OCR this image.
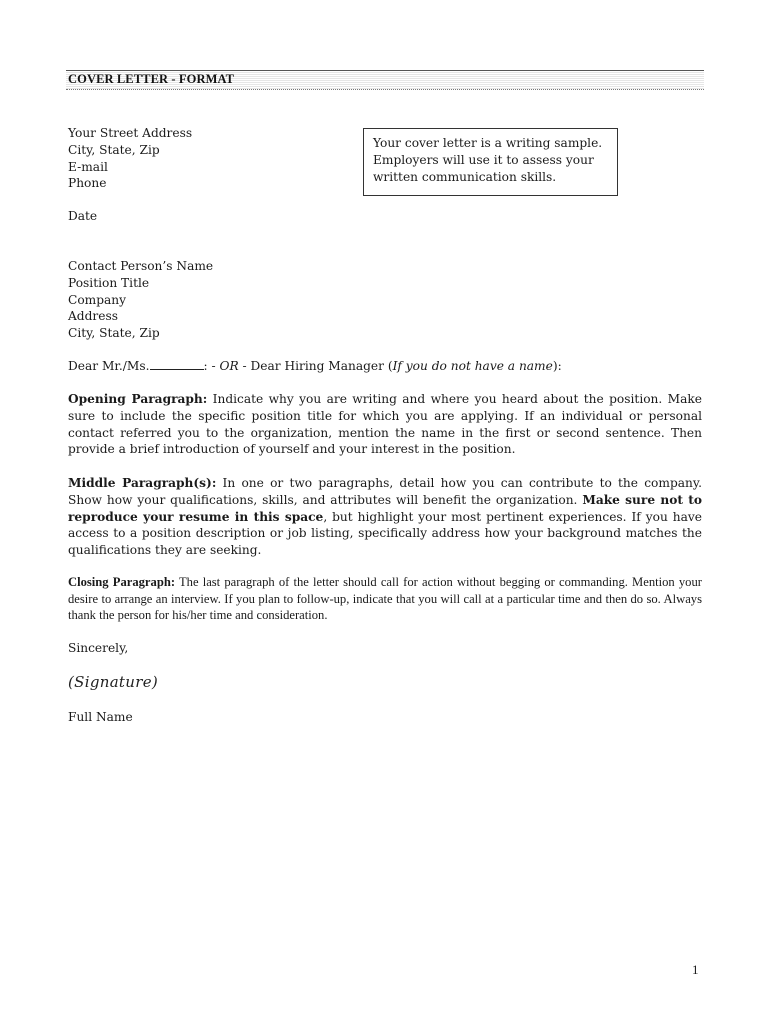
COVER LETTER - FORMAT
Your Street Address
City, State, Zip
E-mail
Phone
Your cover letter is a writing sample.
Employers will use it to assess your
written communication skills.
Date
Contact Person’s Name
Position Title
Company
Address
City, State, Zip
Dear Mr./Ms.	: - OR - Dear Hiring Manager (If you do not have a name):
Opening Paragraph: Indicate why you are writing and where you heard about the position. Make sure to include the specific position title for which you are applying. If an individual or personal contact referred you to the organization, mention the name in the first or second sentence. Then provide a brief introduction of yourself and your interest in the position.
Middle Paragraph(s): In one or two paragraphs, detail how you can contribute to the company. Show how your qualifications, skills, and attributes will benefit the organization. Make sure not to reproduce your resume in this space, but highlight your most pertinent experiences. If you have access to a position description or job listing, specifically address how your background matches the qualifications they are seeking.
Closing Paragraph: The last paragraph of the letter should call for action without begging or commanding. Mention your desire to arrange an interview. If you plan to follow-up, indicate that you will call at a particular time and then do so. Always thank the person for his/her time and consideration.
Sincerely,
(Signature)
Full Name
1
